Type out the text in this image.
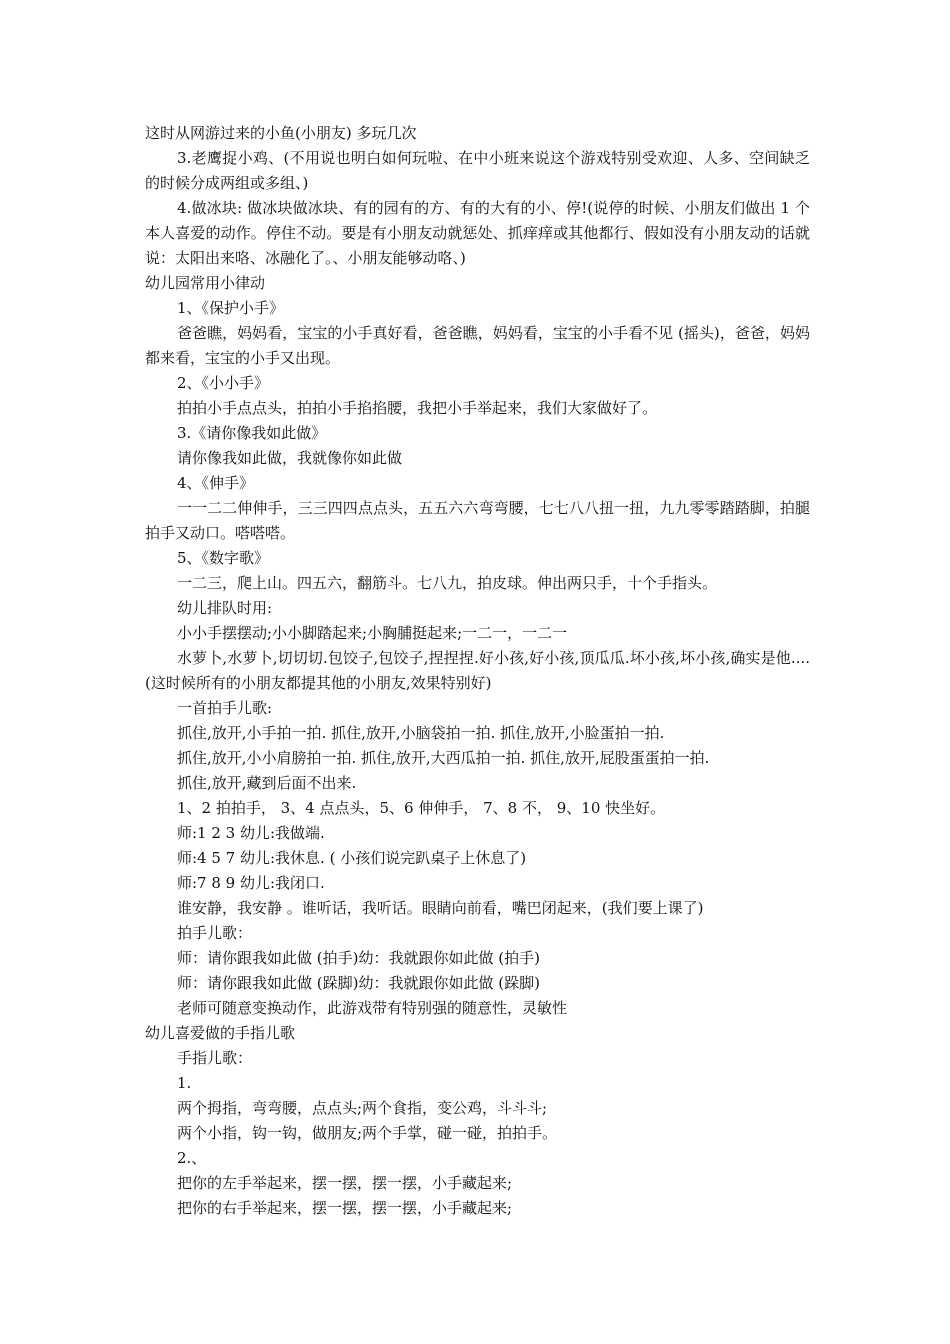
这时从网游过来的小鱼(小朋友) 多玩几次

3.老鹰捉小鸡、(不用说也明白如何玩啦、在中小班来说这个游戏特别受欢迎、人多、空间缺乏的时候分成两组或多组、)

4.做冰块: 做冰块做冰块、有的园有的方、有的大有的小、停!(说停的时候、小朋友们做出 1 个本人喜爱的动作。停住不动。要是有小朋友动就惩处、抓痒痒或其他都行、假如没有小朋友动的话就说：太阳出来咯、冰融化了。、小朋友能够动咯、)

幼儿园常用小律动

1、《保护小手》

爸爸瞧，妈妈看，宝宝的小手真好看，爸爸瞧，妈妈看，宝宝的小手看不见 (摇头)，爸爸，妈妈都来看，宝宝的小手又出现。

2、《小小手》

拍拍小手点点头，拍拍小手掐掐腰，我把小手举起来，我们大家做好了。

3.《请你像我如此做》

请你像我如此做，我就像你如此做

4、《伸手》

一一二二伸伸手，三三四四点点头，五五六六弯弯腰，七七八八扭一扭，九九零零踏踏脚，拍腿拍手又动口。嗒嗒嗒。

5、《数字歌》

一二三，爬上山。四五六，翻筋斗。七八九，拍皮球。伸出两只手，十个手指头。

幼儿排队时用:

小小手摆摆动;小小脚踏起来;小胸脯挺起来;一二一，一二一

水萝卜,水萝卜,切切切.包饺子,包饺子,捏捏捏.好小孩,好小孩,顶瓜瓜.坏小孩,坏小孩,确实是他....(这时候所有的小朋友都提其他的小朋友,效果特别好)

一首拍手儿歌:

抓住,放开,小手拍一拍. 抓住,放开,小脑袋拍一拍. 抓住,放开,小脸蛋拍一拍.

抓住,放开,小小肩膀拍一拍. 抓住,放开,大西瓜拍一拍. 抓住,放开,屁股蛋蛋拍一拍.

抓住,放开,藏到后面不出来.

1、2 拍拍手， 3、4 点点头，5、6 伸伸手， 7、8 不， 9、10 快坐好。

师:1 2 3 幼儿:我做端.

师:4 5 7 幼儿:我休息. ( 小孩们说完趴桌子上休息了)

师:7 8 9 幼儿:我闭口.

谁安静，我安静 。谁听话，我听话。眼睛向前看，嘴巴闭起来，(我们要上课了)

拍手儿歌：

师：请你跟我如此做 (拍手)幼：我就跟你如此做 (拍手)

师：请你跟我如此做 (跺脚)幼：我就跟你如此做 (跺脚)

老师可随意变换动作，此游戏带有特别强的随意性，灵敏性

幼儿喜爱做的手指儿歌

手指儿歌：

1.

两个拇指，弯弯腰，点点头;两个食指，变公鸡，斗斗斗;

两个小指，钩一钩，做朋友;两个手掌，碰一碰，拍拍手。

2.、

把你的左手举起来，摆一摆，摆一摆，小手藏起来;

把你的右手举起来，摆一摆，摆一摆，小手藏起来;
